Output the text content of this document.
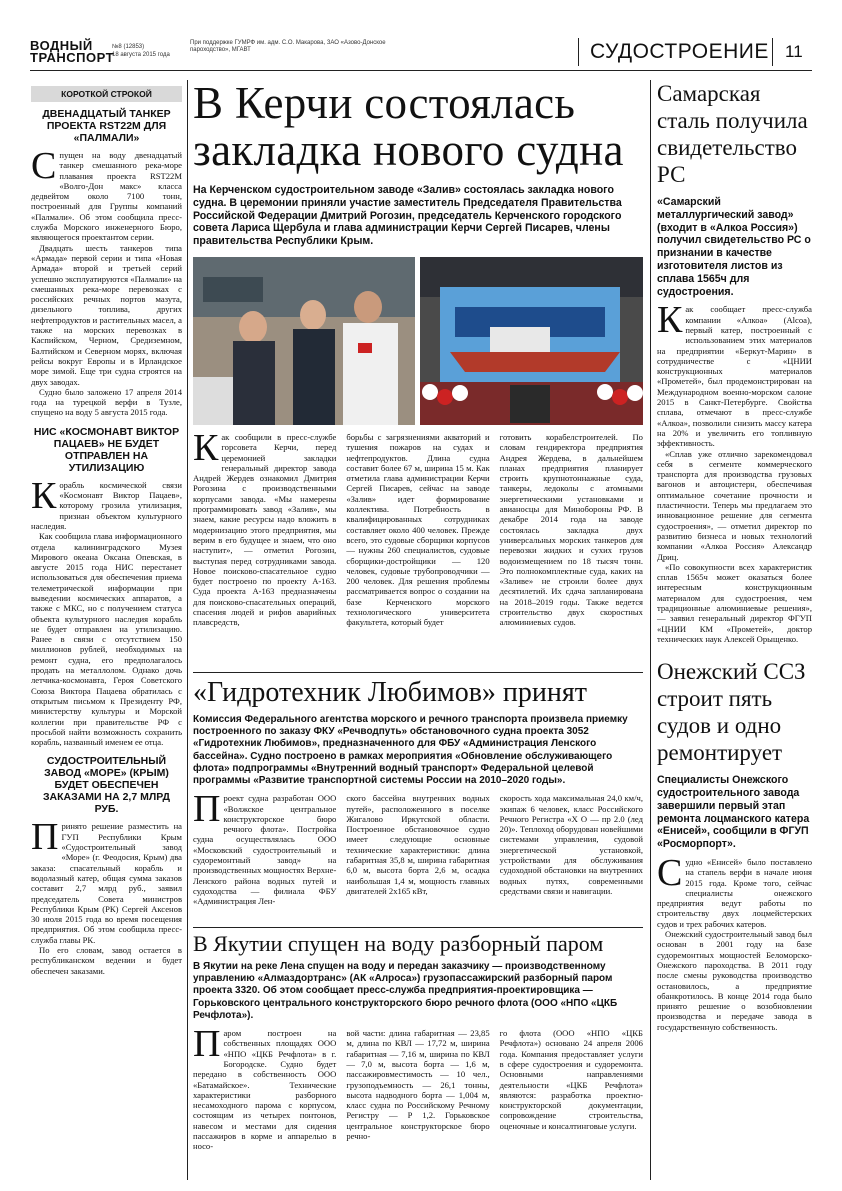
ВОДНЫЙ
ТРАНСПОРТ
№8 (12853)
18 августа 2015 года
При поддержке ГУМРФ им. адм. С.О. Макарова, ЗАО «Азово-Донское пароходство», МГАВТ	СУДОСТРОЕНИЕ 11
КОРОТКОЙ СТРОКОЙ
ДВЕНАДЦАТЫЙ ТАНКЕР ПРОЕКТА RST22M ДЛЯ «ПАЛМАЛИ»
С пущен на воду двенадцатый танкер смешанного река-море плавания проекта RST22M «Волго-Дон макс» класса дедвейтом около 7100 тонн, построенный для Группы компаний «Палмали». Об этом сообщила пресс-служба Морского инженерного Бюро, являющегося проектантом серии.

Двадцать шесть танкеров типа «Армада» первой серии и типа «Новая Армада» второй и третьей серий успешно эксплуатируются «Палмали» на смешанных река-море перевозках с российских речных портов мазута, дизельного топлива, других нефтепродуктов и растительных масел, а также на морских перевозках в Каспийском, Черном, Средиземном, Балтийском и Северном морях, включая рейсы вокруг Европы и в Ирландское море зимой. Еще три судна строятся на двух заводах.

Судно было заложено 17 апреля 2014 года на турецкой верфи в Тузле, спущено на воду 5 августа 2015 года.

НИС «КОСМОНАВТ ВИКТОР ПАЦАЕВ» НЕ БУДЕТ ОТПРАВЛЕН НА УТИЛИЗАЦИЮ
К орабль космической связи «Космонавт Виктор Пацаев», которому грозила утилизация, признан объектом культурного наследия.

Как сообщила глава информационного отдела калининградского Музея Мирового океана Оксана Опевская, в августе 2015 года НИС перестанет использоваться для обеспечения приема телеметрической информации при выведении космических аппаратов, а также с МКС, но с получением статуса объекта культурного наследия корабль не будет отправлен на утилизацию. Ранее в связи с отсутствием 150 миллионов рублей, необходимых на ремонт судна, его предполагалось продать на металлолом. Однако дочь летчика-космонавта, Героя Советского Союза Виктора Пацаева обратилась с открытым письмом к Президенту РФ, министерству культуры и Морской коллегии при правительстве РФ с просьбой найти возможность сохранить корабль, названный именем ее отца.

СУДОСТРОИТЕЛЬНЫЙ ЗАВОД «МОРЕ» (КРЫМ) БУДЕТ ОБЕСПЕЧЕН ЗАКАЗАМИ НА 2,7 МЛРД РУБ.
П ринято решение разместить на ГУП Республики Крым «Судостроительный завод «Море» (г. Феодосия, Крым) два заказа: спасательный корабль и водолазный катер, общая сумма заказов составит 2,7 млрд руб., заявил председатель Совета министров Республики Крым (РК) Сергей Аксенов 30 июля 2015 года во время посещения предприятия. Об этом сообщила пресс-служба главы РК.

По его словам, завод остается в республиканском ведении и будет обеспечен заказами.

В Керчи состоялась
закладка нового судна
На Керченском судостроительном заводе «Залив» состоялась закладка нового судна. В церемонии приняли участие заместитель Председателя Правительства Российской Федерации Дмитрий Рогозин, председатель Керченского городского совета Лариса Щербула и глава администрации Керчи Сергей Писарев, члены правительства Республики Крым.
К ак сообщили в пресс-службе горсовета Керчи, перед церемонией закладки генеральный директор завода Андрей Жердев ознакомил Дмитрия Рогозина с производственными корпусами завода. «Мы намерены программировать завод «Залив», мы знаем, какие ресурсы надо вложить в модернизацию этого предприятия, мы верим в его будущее и знаем, что оно наступит», — отметил Рогозин, выступая перед сотрудниками завода. Новое поисково-спасательное судно будет построено по проекту А-163. Суда проекта А-163 предназначены для поисково-спасательных операций, спасения людей и рифов аварийных плавсредств,
борьбы с загрязнениями акваторий и тушения пожаров на судах и нефтепродуктов. Длина судна составит более 67 м, ширина 15 м. Как отметила глава администрации Керчи Сергей Писарев, сейчас на заводе «Залив» идет формирование коллектива. Потребность в квалифицированных сотрудниках составляет около 400 человек. Прежде всего, это судовые сборщики корпусов — нужны 260 специалистов, судовые сборщики-достройщики — 120 человек, судовые трубопроводчики — 200 человек. Для решения проблемы рассматривается вопрос о создании на базе Керченского морского технологического университета факультета, который будет
готовить корабелстроителей. По словам гендиректора предприятия Андрея Жердева, в дальнейшем планах предприятия планирует строить крупнотоннажные суда, танкеры, ледоколы с атомными энергетическими установками и авианосцы для Минобороны РФ. В декабре 2014 года на заводе состоялась закладка двух универсальных морских танкеров для перевозки жидких и сухих грузов водоизмещением по 18 тысяч тонн. Это полнокомплектные суда, каких на «Заливе» не строили более двух десятилетий. Их сдача запланирована на 2018–2019 годы. Также ведется строительство двух скоростных алюминиевых судов.
«Гидротехник Любимов» принят
Комиссия Федерального агентства морского и речного транспорта произвела приемку построенного по заказу ФКУ «Речводпуть» обстановочного судна проекта 3052 «Гидротехник Любимов», предназначенного для ФБУ «Администрация Ленского бассейна». Судно построено в рамках мероприятия «Обновление обслуживающего флота» подпрограммы «Внутренний водный транспорт» Федеральной целевой программы «Развитие транспортной системы России на 2010–2020 годы».
П роект судна разработан ООО «Волжское центральное конструкторское бюро речного флота». Постройка судна осуществлялась ООО «Московский судостроительный и судоремонтный завод» на производственных мощностях Верхне-Ленского района водных путей и судоходства — филиала ФБУ «Администрация Лен-
ского бассейна внутренних водных путей», расположенного в поселке Жигалово Иркутской области. Построенное обстановочное судно имеет следующие основные технические характеристики: длина габаритная 35,8 м, ширина габаритная 6,0 м, высота борта 2,6 м, осадка наибольшая 1,4 м, мощность главных двигателей 2х165 кВт,
скорость хода максимальная 24,0 км/ч, экипаж 6 человек, класс Российского Речного Регистра «Х О — пр 2.0 (лед 20)». Теплоход оборудован новейшими системами управления, судовой энергетической установкой, устройствами для обслуживания судоходной обстановки на внутренних водных путях, современными средствами связи и навигации.
В Якутии спущен на воду разборный паром
В Якутии на реке Лена спущен на воду и передан заказчику — производственному управлению «Алмаздортранс» (АК «Алроса») грузопассажирский разборный паром проекта 3320. Об этом сообщает пресс-служба предприятия-проектировщика — Горьковского центрального конструкторского бюро речного флота (ООО «НПО «ЦКБ Речфлота»).
П аром построен на собственных площадях ООО «НПО «ЦКБ Речфлота» в г. Богородске. Судно будет передано в собственность ООО «Батамайское». Технические характеристики разборного несамоходного парома с корпусом, состоящим из четырех понтонов, навесом и местами для сидения пассажиров в корме и аппарелью в носо-
вой части: длина габаритная — 23,85 м, длина по КВЛ — 17,72 м, ширина габаритная — 7,16 м, ширина по КВЛ — 7,0 м, высота борта — 1,6 м, пассажировместимость — 10 чел., грузоподъемность — 26,1 тонны, высота надводного борта — 1,004 м, класс судна по Российскому Речному Регистру — Р 1,2. Горьковское центральное конструкторское бюро речно-
го флота (ООО «НПО «ЦКБ Речфлота») основано 24 апреля 2006 года. Компания предоставляет услуги в сфере судостроения и судоремонта. Основными направлениями деятельности «ЦКБ Речфлота» являются: разработка проектно-конструкторской документации, сопровождение строительства, оценочные и консалтинговые услуги.
Самарская сталь получила свидетельство РС
«Самарский металлургический завод» (входит в «Алкоа Россия») получил свидетельство РС о признании в качестве изготовителя листов из сплава 1565ч для судостроения.
К ак сообщает пресс-служба компании «Алкоа» (Alcoa), первый катер, построенный с использованием этих материалов на предприятии «Беркут-Марин» в сотрудничестве с «ЦНИИ конструкционных материалов «Прометей», был продемонстрирован на Международном военно-морском салоне 2015 в Санкт-Петербурге. Свойства сплава, отмечают в пресс-службе «Алкоа», позволили снизить массу катера на 20% и увеличить его топливную эффективность.

«Сплав уже отлично зарекомендовал себя в сегменте коммерческого транспорта для производства грузовых вагонов и автоцистерн, обеспечивая оптимальное сочетание прочности и пластичности. Теперь мы предлагаем это инновационное решение для сегмента судостроения», — отметил директор по развитию бизнеса и новых технологий компании «Алкоа Россия» Александр Дриц.

«По совокупности всех характеристик сплав 1565ч может оказаться более интересным конструкционным материалом для судостроения, чем традиционные алюминиевые решения», — заявил генеральный директор ФГУП «ЦНИИ КМ «Прометей», доктор технических наук Алексей Орыщенко.

Онежский ССЗ строит пять судов и одно ремонтирует
Специалисты Онежского судостроительного завода завершили первый этап ремонта лоцманского катера «Енисей», сообщили в ФГУП «Росморпорт».
С удно «Енисей» было поставлено на стапель верфи в начале июня 2015 года. Кроме того, сейчас специалисты онежского предприятия ведут работы по строительству двух лоцмейстерских судов и трех рабочих катеров.

Онежский судостроительный завод был основан в 2001 году на базе судоремонтных мощностей Беломорско-Онежского пароходства. В 2011 году после смены руководства производство остановилось, а предприятие обанкротилось. В конце 2014 года было принято решение о возобновлении производства и передаче завода в государственную собственность.
